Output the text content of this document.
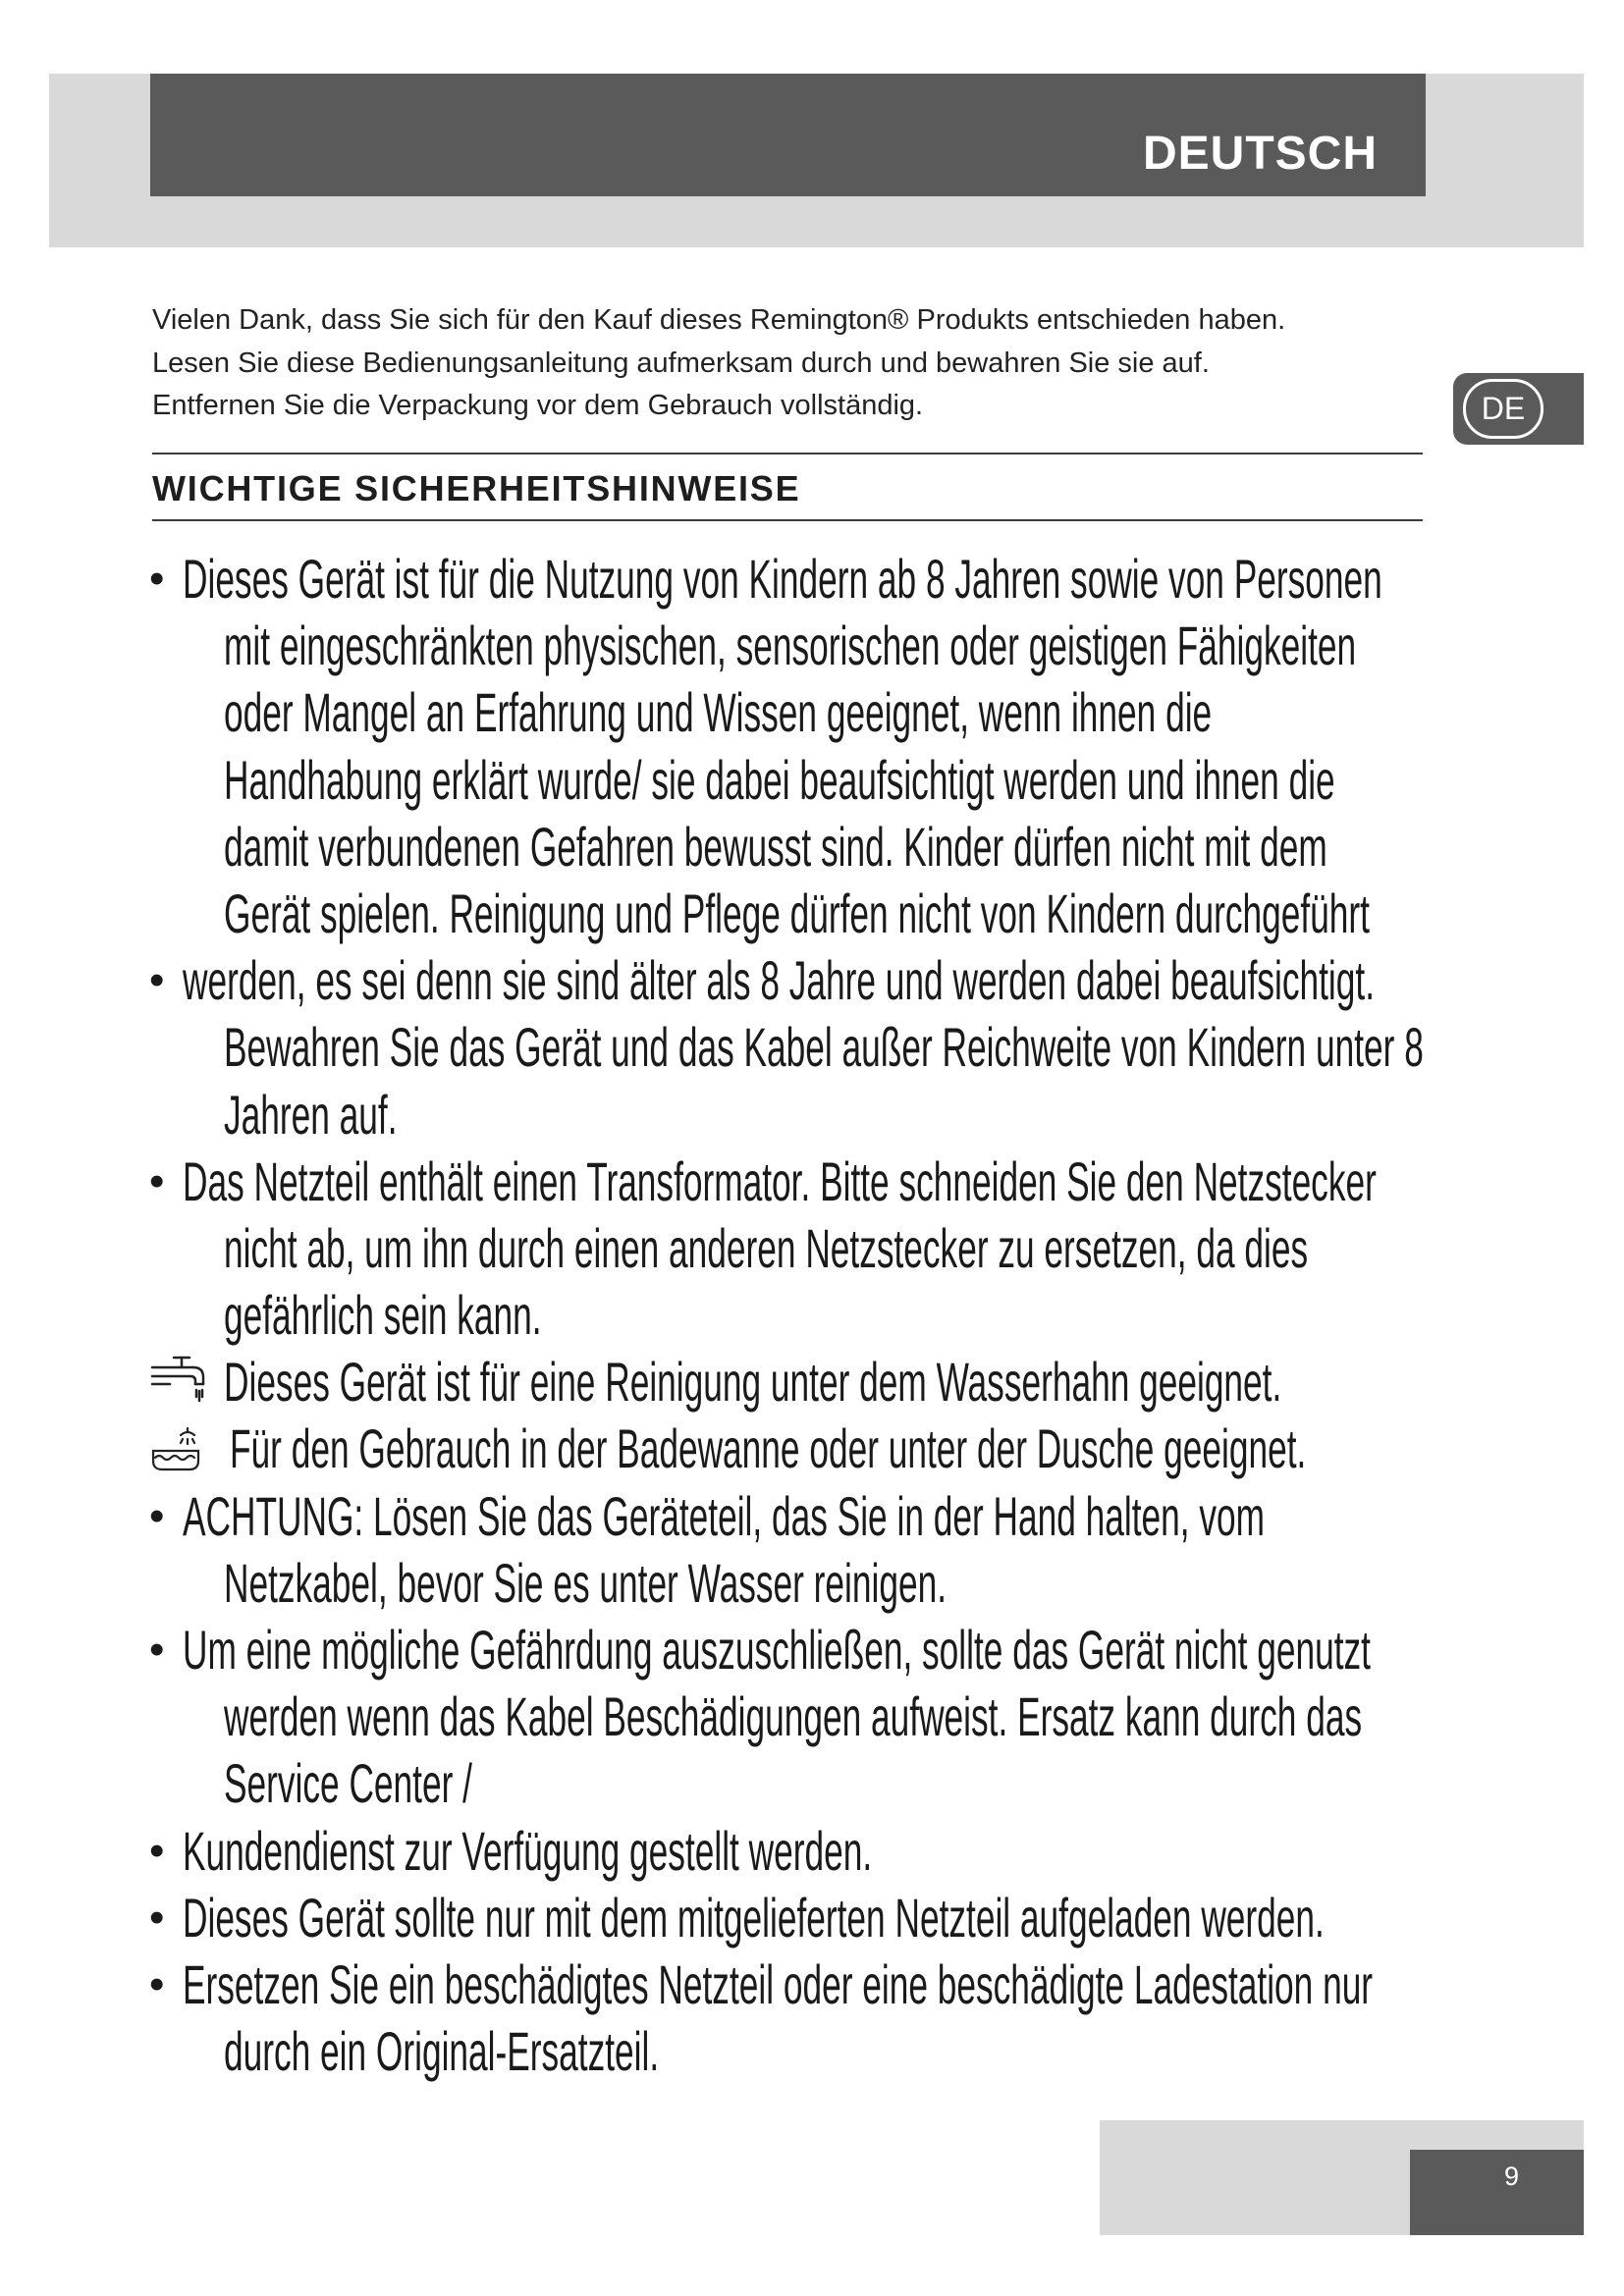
DEUTSCH
DE
Vielen Dank, dass Sie sich für den Kauf dieses Remington® Produkts entschieden haben.
Lesen Sie diese Bedienungsanleitung aufmerksam durch und bewahren Sie sie auf.
Entfernen Sie die Verpackung vor dem Gebrauch vollständig.
WICHTIGE SICHERHEITSHINWEISE
• Dieses Gerät ist für die Nutzung von Kindern ab 8 Jahren sowie von Personen
mit eingeschränkten physischen, sensorischen oder geistigen Fähigkeiten
oder Mangel an Erfahrung und Wissen geeignet, wenn ihnen die
Handhabung erklärt wurde/ sie dabei beaufsichtigt werden und ihnen die
damit verbundenen Gefahren bewusst sind. Kinder dürfen nicht mit dem
Gerät spielen. Reinigung und Pflege dürfen nicht von Kindern durchgeführt
• werden, es sei denn sie sind älter als 8 Jahre und werden dabei beaufsichtigt.
Bewahren Sie das Gerät und das Kabel außer Reichweite von Kindern unter 8
Jahren auf.
• Das Netzteil enthält einen Transformator. Bitte schneiden Sie den Netzstecker
nicht ab, um ihn durch einen anderen Netzstecker zu ersetzen, da dies
gefährlich sein kann.
Dieses Gerät ist für eine Reinigung unter dem Wasserhahn geeignet.
Für den Gebrauch in der Badewanne oder unter der Dusche geeignet.
• ACHTUNG: Lösen Sie das Geräteteil, das Sie in der Hand halten, vom
Netzkabel, bevor Sie es unter Wasser reinigen.
• Um eine mögliche Gefährdung auszuschließen, sollte das Gerät nicht genutzt
werden wenn das Kabel Beschädigungen aufweist. Ersatz kann durch das
Service Center /
• Kundendienst zur Verfügung gestellt werden.
• Dieses Gerät sollte nur mit dem mitgelieferten Netzteil aufgeladen werden.
• Ersetzen Sie ein beschädigtes Netzteil oder eine beschädigte Ladestation nur
durch ein Original-Ersatzteil.
9
